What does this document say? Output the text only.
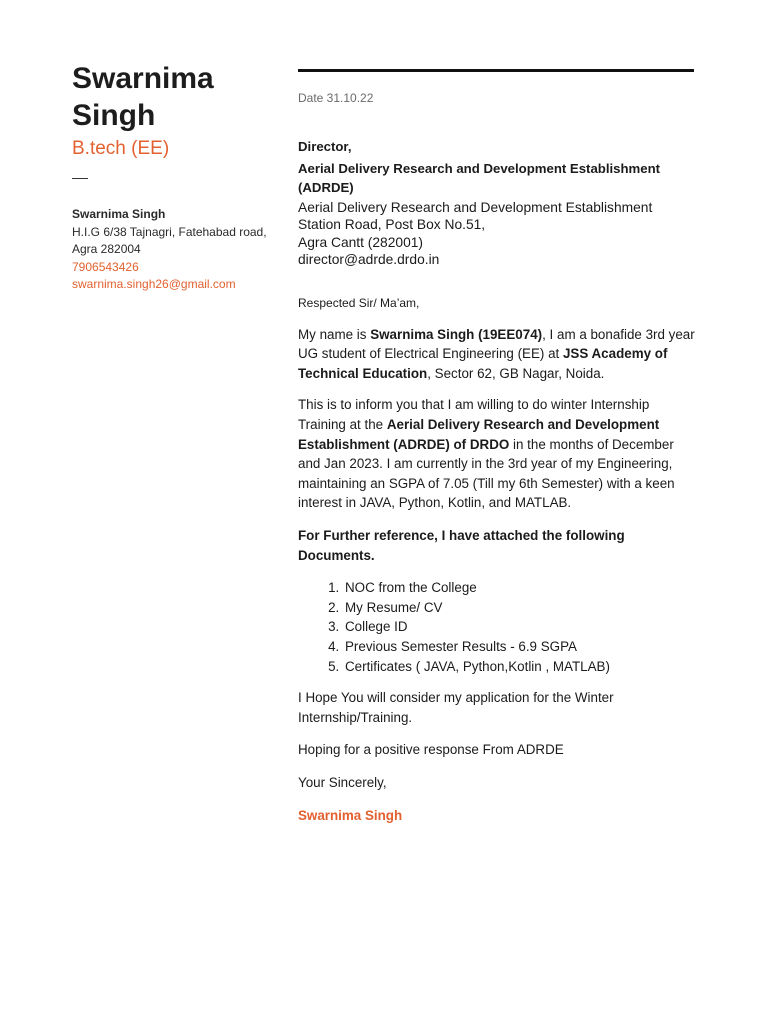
Swarnima
Singh
B.tech (EE)
Swarnima Singh
H.I.G 6/38 Tajnagri, Fatehabad road,
Agra 282004
7906543426
swarnima.singh26@gmail.com
Date 31.10.22
Director,
Aerial Delivery Research and Development Establishment (ADRDE)
Aerial Delivery Research and Development Establishment
Station Road, Post Box No.51,
Agra Cantt (282001)
director@adrde.drdo.in
Respected Sir/ Ma’am,

My name is Swarnima Singh (19EE074), I am a bonafide 3rd year UG student of Electrical Engineering (EE) at JSS Academy of Technical Education, Sector 62, GB Nagar, Noida.

This is to inform you that I am willing to do winter Internship Training at the Aerial Delivery Research and Development Establishment (ADRDE) of DRDO in the months of December and Jan 2023. I am currently in the 3rd year of my Engineering, maintaining an SGPA of 7.05 (Till my 6th Semester) with a keen interest in JAVA, Python, Kotlin, and MATLAB.

For Further reference, I have attached the following Documents.

1. NOC from the College
2. My Resume/ CV
3. College ID
4. Previous Semester Results - 6.9 SGPA
5. Certificates ( JAVA, Python,Kotlin , MATLAB)

I Hope You will consider my application for the Winter Internship/Training.

Hoping for a positive response From ADRDE

Your Sincerely,

Swarnima Singh
